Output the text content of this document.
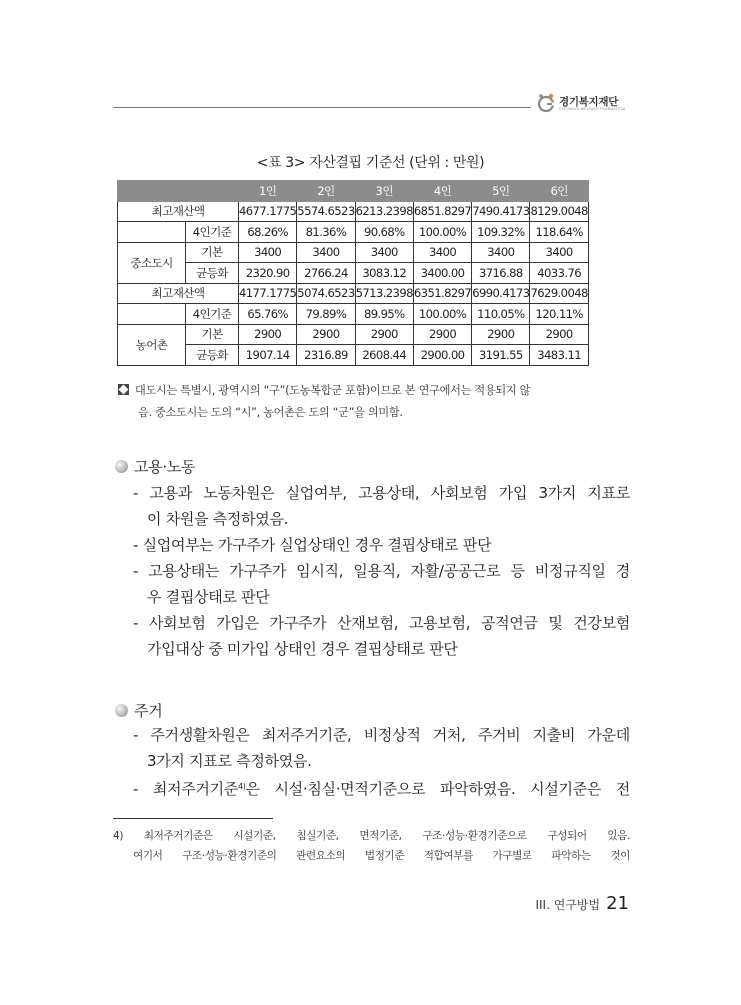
경기복지재단
GYEONGGI WELFARE FOUNDATION
<표 3> 자산결핍 기준선 (단위 : 만원)
		1인	2인	3인	4인	5인	6인
최고재산액		4677.1775	5574.6523	6213.2398	6851.8297	7490.4173	8129.0048
	4인기준	68.26%	81.36%	90.68%	100.00%	109.32%	118.64%
중소도시	기본	3400	3400	3400	3400	3400	3400
	균등화	2320.90	2766.24	3083.12	3400.00	3716.88	4033.76
최고재산액		4177.1775	5074.6523	5713.2398	6351.8297	6990.4173	7629.0048
	4인기준	65.76%	79.89%	89.95%	100.00%	110.05%	120.11%
농어촌	기본	2900	2900	2900	2900	2900	2900
	균등화	1907.14	2316.89	2608.44	2900.00	3191.55	3483.11
대도시는 특별시, 광역시의 “구”(도농복합군 포함)이므로 본 연구에서는 적용되지 않
음. 중소도시는 도의 “시”, 농어촌은 도의 “군”을 의미함.
고용·노동
- 고용과 노동차원은 실업여부, 고용상태, 사회보험 가입 3가지 지표로
이 차원을 측정하였음.
- 실업여부는 가구주가 실업상태인 경우 결핍상태로 판단
- 고용상태는 가구주가 임시직, 일용직, 자활/공공근로 등 비정규직일 경
우 결핍상태로 판단
- 사회보험 가입은 가구주가 산재보험, 고용보험, 공적연금 및 건강보험
가입대상 중 미가입 상태인 경우 결핍상태로 판단
주거
- 주거생활차원은 최저주거기준, 비정상적 거처, 주거비 지출비 가운데
3가지 지표로 측정하였음.
- 최저주거기준$^{4)}$은 시설·침실·면적기준으로 파악하였음. 시설기준은 전
4) 최저주거기준은 시설기준, 침실기준, 면적기준, 구조·성능·환경기준으로 구성되어 있음.
여기서 구조·성능·환경기준의 관련요소의 법정기준 적합여부를 가구별로 파악하는 것이
III. 연구방법 21
